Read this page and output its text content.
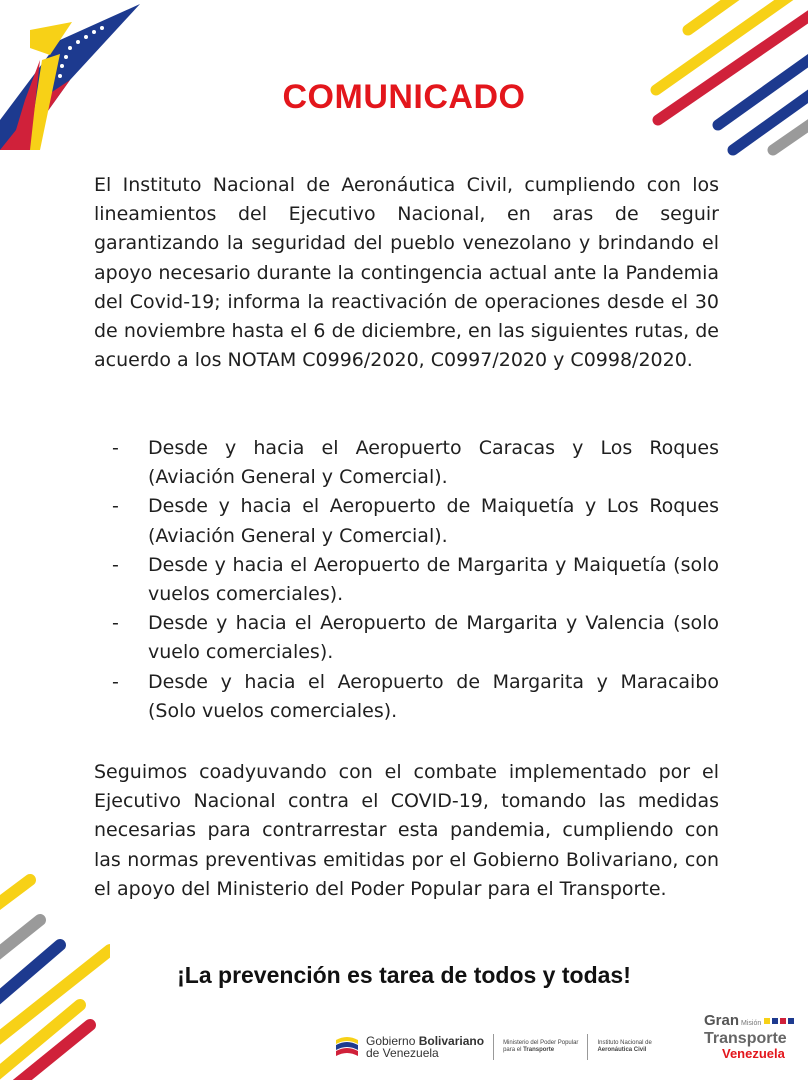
COMUNICADO
El Instituto Nacional de Aeronáutica Civil, cumpliendo con los lineamientos del Ejecutivo Nacional, en aras de seguir garantizando la seguridad del pueblo venezolano y brindando el apoyo necesario durante la contingencia actual ante la Pandemia del Covid-19; informa la reactivación de operaciones desde el 30 de noviembre hasta el 6 de diciembre, en las siguientes rutas, de acuerdo a los NOTAM C0996/2020, C0997/2020 y C0998/2020.
- Desde y hacia el Aeropuerto Caracas y Los Roques (Aviación General y Comercial).
- Desde y hacia el Aeropuerto de Maiquetía y Los Roques (Aviación General y Comercial).
- Desde y hacia el Aeropuerto de Margarita y Maiquetía (solo vuelos comerciales).
- Desde y hacia el Aeropuerto de Margarita y Valencia (solo vuelo comerciales).
- Desde y hacia el Aeropuerto de Margarita y Maracaibo (Solo vuelos comerciales).
Seguimos coadyuvando con el combate implementado por el Ejecutivo Nacional contra el COVID-19, tomando las medidas necesarias para contrarrestar esta pandemia, cumpliendo con las normas preventivas emitidas por el Gobierno Bolivariano, con el apoyo del Ministerio del Poder Popular para el Transporte.
¡La prevención es tarea de todos y todas!
Gobierno Bolivariano
de Venezuela
Ministerio del Poder Popular
para el Transporte
Instituto Nacional de
Aeronáutica Civil
Gran Misión
Transporte
Venezuela
